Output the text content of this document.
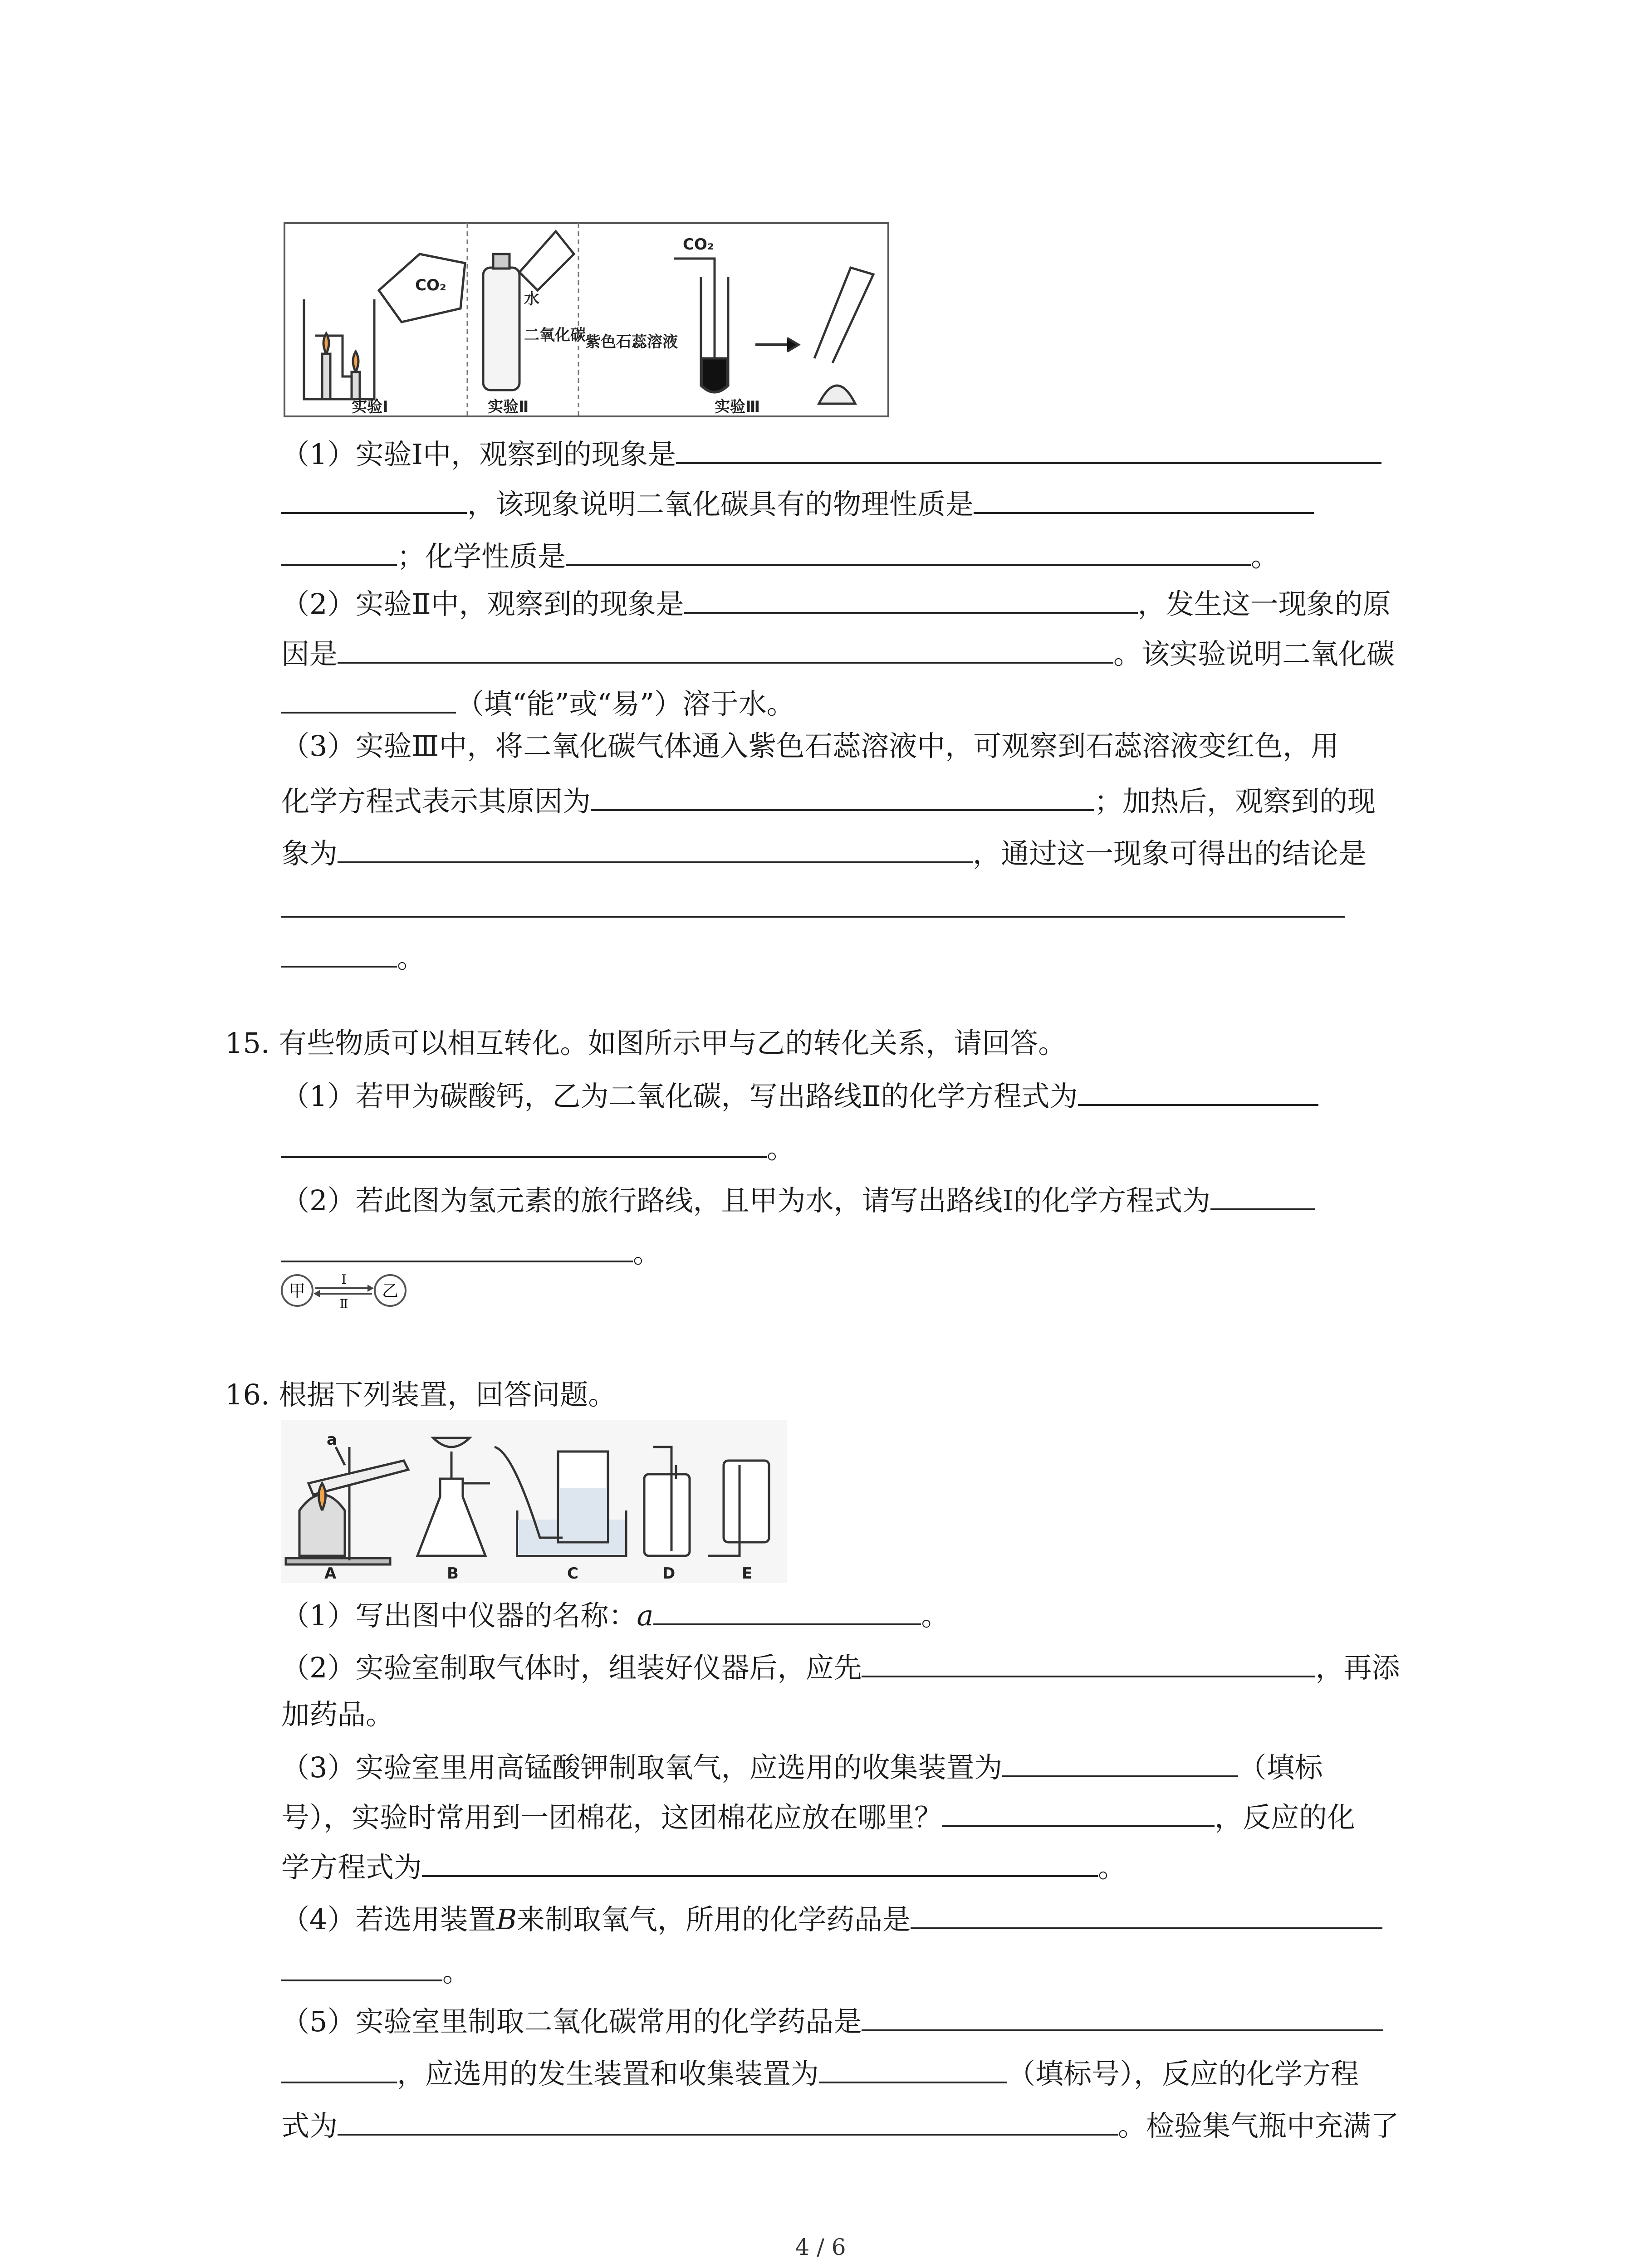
CO₂
实验Ⅰ
水
二氧化碳
实验Ⅱ
CO₂
紫色石蕊溶液
实验Ⅲ
（1）实验Ⅰ中，观察到的现象是
，该现象说明二氧化碳具有的物理性质是
；化学性质是	。
（2）实验Ⅱ中，观察到的现象是	，发生这一现象的原
因是	。该实验说明二氧化碳
（填“能”或“易”）溶于水。
（3）实验Ⅲ中，将二氧化碳气体通入紫色石蕊溶液中，可观察到石蕊溶液变红色，用
化学方程式表示其原因为	；加热后，观察到的现
象为	，通过这一现象可得出的结论是
。
15. 有些物质可以相互转化。如图所示甲与乙的转化关系，请回答。
（1）若甲为碳酸钙，乙为二氧化碳，写出路线Ⅱ的化学方程式为
。
（2）若此图为氢元素的旅行路线，且甲为水，请写出路线Ⅰ的化学方程式为
。
甲	乙
Ⅰ
Ⅱ
16. 根据下列装置，回答问题。
a
A	B	C	D	E
（1）写出图中仪器的名称：a	。
（2）实验室制取气体时，组装好仪器后，应先	，再添
加药品。
（3）实验室里用高锰酸钾制取氧气，应选用的收集装置为	（填标
号），实验时常用到一团棉花，这团棉花应放在哪里？	，反应的化
学方程式为	。
（4）若选用装置B来制取氧气，所用的化学药品是
。
（5）实验室里制取二氧化碳常用的化学药品是
，应选用的发生装置和收集装置为	（填标号），反应的化学方程
式为	。检验集气瓶中充满了
4 / 6
